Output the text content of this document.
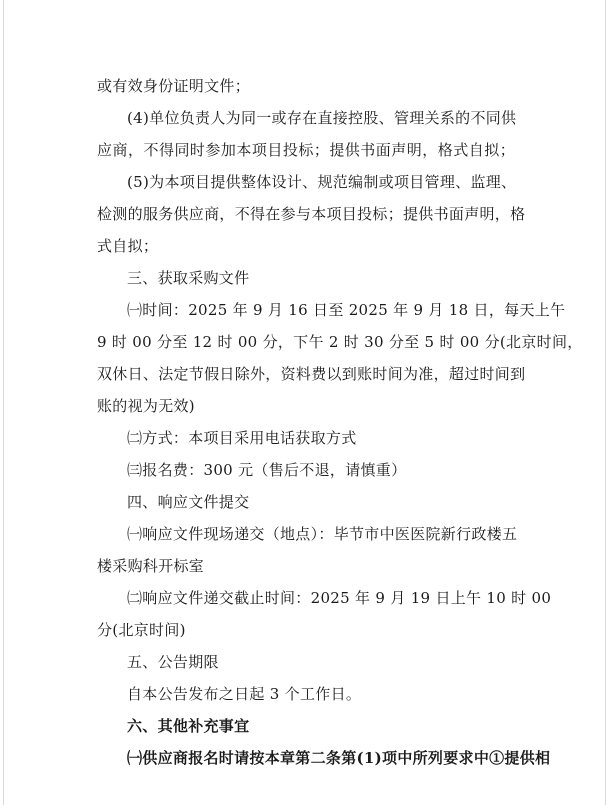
或有效身份证明文件；
(4)单位负责人为同一或存在直接控股、管理关系的不同供
应商，不得同时参加本项目投标；提供书面声明，格式自拟；
(5)为本项目提供整体设计、规范编制或项目管理、监理、
检测的服务供应商，不得在参与本项目投标；提供书面声明，格
式自拟；
三、获取采购文件
㈠时间：2025 年 9 月 16 日至 2025 年 9 月 18 日，每天上午
9 时 00 分至 12 时 00 分，下午 2 时 30 分至 5 时 00 分(北京时间，
双休日、法定节假日除外，资料费以到账时间为准，超过时间到
账的视为无效)
㈡方式：本项目采用电话获取方式
㈢报名费：300 元（售后不退，请慎重）
四、响应文件提交
㈠响应文件现场递交（地点）：毕节市中医医院新行政楼五
楼采购科开标室
㈡响应文件递交截止时间：2025 年 9 月 19 日上午 10 时 00
分(北京时间)
五、公告期限
自本公告发布之日起 3 个工作日。
六、其他补充事宜
㈠供应商报名时请按本章第二条第(1)项中所列要求中①提供相
